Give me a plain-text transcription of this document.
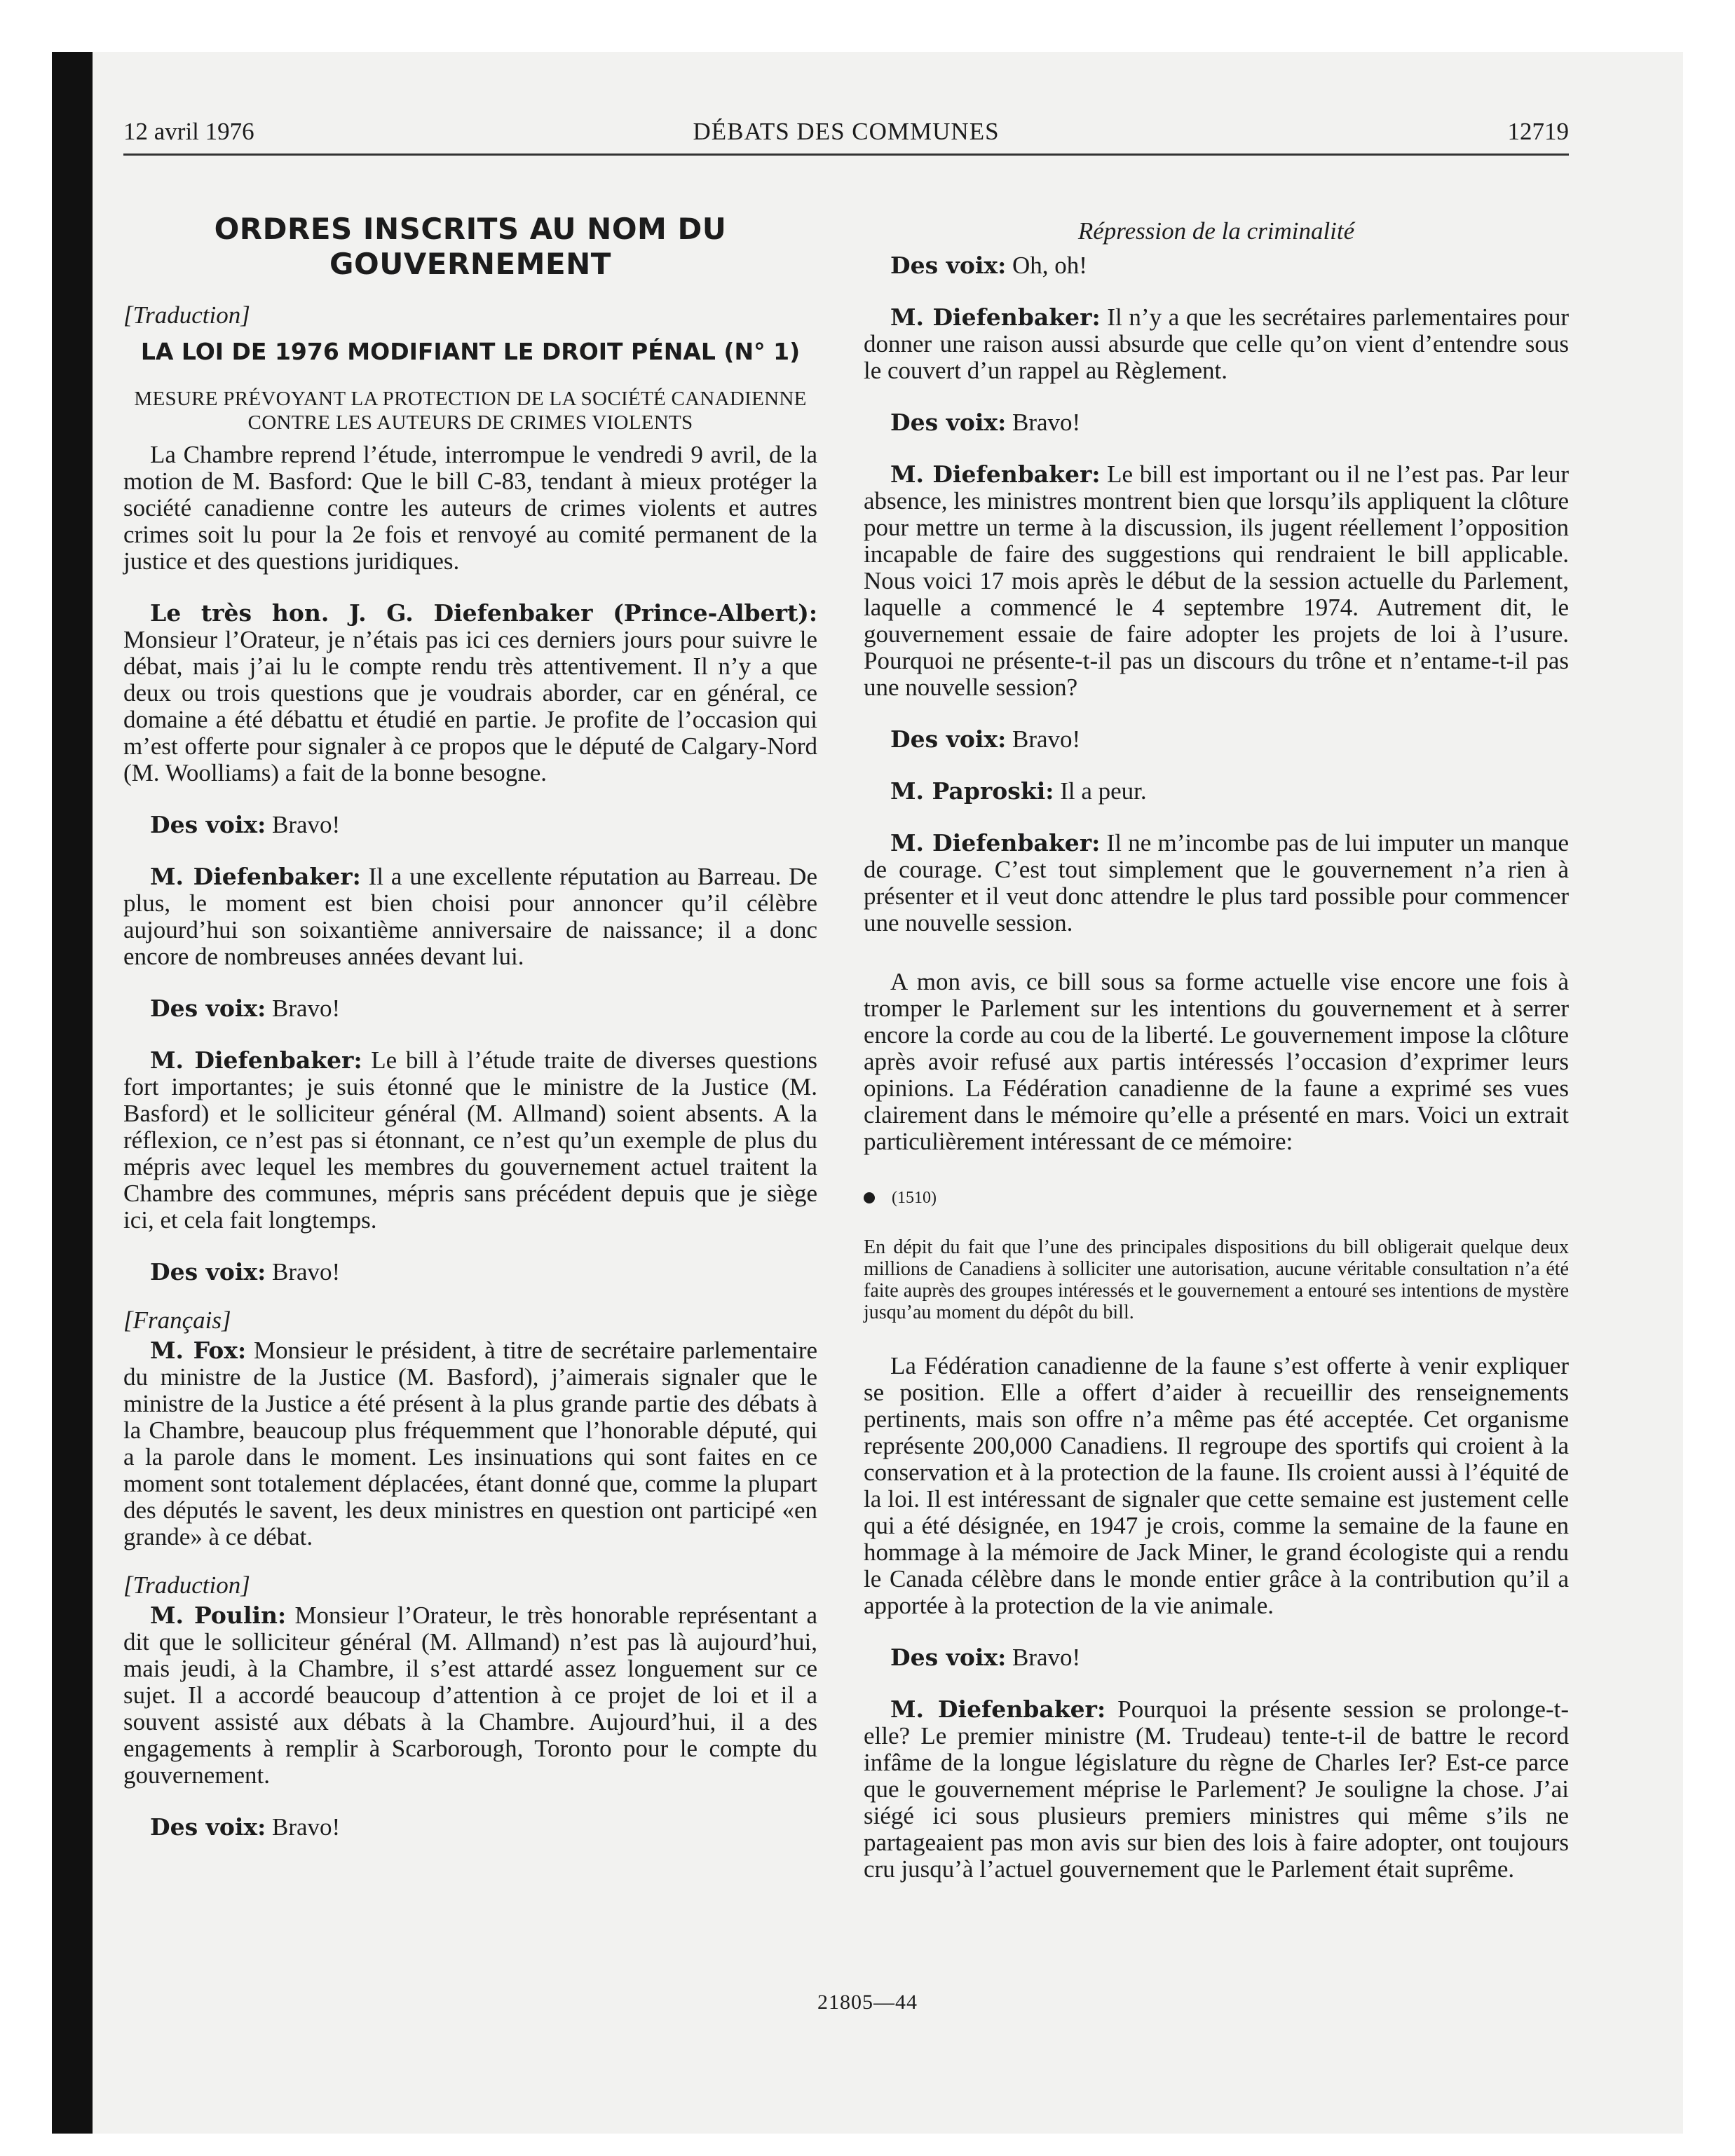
12 avril 1976	DÉBATS DES COMMUNES	12719
ORDRES INSCRITS AU NOM DU GOUVERNEMENT
[Traduction]
LA LOI DE 1976 MODIFIANT LE DROIT PÉNAL (N° 1)
MESURE PRÉVOYANT LA PROTECTION DE LA SOCIÉTÉ CANADIENNE CONTRE LES AUTEURS DE CRIMES VIOLENTS

La Chambre reprend l’étude, interrompue le vendredi 9 avril, de la motion de M. Basford: Que le bill C-83, tendant à mieux protéger la société canadienne contre les auteurs de crimes violents et autres crimes soit lu pour la 2e fois et renvoyé au comité permanent de la justice et des questions juridiques.

Le très hon. J. G. Diefenbaker (Prince-Albert): Monsieur l’Orateur, je n’étais pas ici ces derniers jours pour suivre le débat, mais j’ai lu le compte rendu très attentivement. Il n’y a que deux ou trois questions que je voudrais aborder, car en général, ce domaine a été débattu et étudié en partie. Je profite de l’occasion qui m’est offerte pour signaler à ce propos que le député de Calgary-Nord (M. Woolliams) a fait de la bonne besogne.

Des voix: Bravo!

M. Diefenbaker: Il a une excellente réputation au Barreau. De plus, le moment est bien choisi pour annoncer qu’il célèbre aujourd’hui son soixantième anniversaire de naissance; il a donc encore de nombreuses années devant lui.

Des voix: Bravo!

M. Diefenbaker: Le bill à l’étude traite de diverses questions fort importantes; je suis étonné que le ministre de la Justice (M. Basford) et le solliciteur général (M. Allmand) soient absents. A la réflexion, ce n’est pas si étonnant, ce n’est qu’un exemple de plus du mépris avec lequel les membres du gouvernement actuel traitent la Chambre des communes, mépris sans précédent depuis que je siège ici, et cela fait longtemps.

Des voix: Bravo!

[Français]

M. Fox: Monsieur le président, à titre de secrétaire parlementaire du ministre de la Justice (M. Basford), j’aimerais signaler que le ministre de la Justice a été présent à la plus grande partie des débats à la Chambre, beaucoup plus fréquemment que l’honorable député, qui a la parole dans le moment. Les insinuations qui sont faites en ce moment sont totalement déplacées, étant donné que, comme la plupart des députés le savent, les deux ministres en question ont participé «en grande» à ce débat.

[Traduction]

M. Poulin: Monsieur l’Orateur, le très honorable représentant a dit que le solliciteur général (M. Allmand) n’est pas là aujourd’hui, mais jeudi, à la Chambre, il s’est attardé assez longuement sur ce sujet. Il a accordé beaucoup d’attention à ce projet de loi et il a souvent assisté aux débats à la Chambre. Aujourd’hui, il a des engagements à remplir à Scarborough, Toronto pour le compte du gouvernement.

Des voix: Bravo!

Répression de la criminalité

Des voix: Oh, oh!

M. Diefenbaker: Il n’y a que les secrétaires parlementaires pour donner une raison aussi absurde que celle qu’on vient d’entendre sous le couvert d’un rappel au Règlement.

Des voix: Bravo!

M. Diefenbaker: Le bill est important ou il ne l’est pas. Par leur absence, les ministres montrent bien que lorsqu’ils appliquent la clôture pour mettre un terme à la discussion, ils jugent réellement l’opposition incapable de faire des suggestions qui rendraient le bill applicable. Nous voici 17 mois après le début de la session actuelle du Parlement, laquelle a commencé le 4 septembre 1974. Autrement dit, le gouvernement essaie de faire adopter les projets de loi à l’usure. Pourquoi ne présente-t-il pas un discours du trône et n’entame-t-il pas une nouvelle session?

Des voix: Bravo!

M. Paproski: Il a peur.

M. Diefenbaker: Il ne m’incombe pas de lui imputer un manque de courage. C’est tout simplement que le gouvernement n’a rien à présenter et il veut donc attendre le plus tard possible pour commencer une nouvelle session.

A mon avis, ce bill sous sa forme actuelle vise encore une fois à tromper le Parlement sur les intentions du gouvernement et à serrer encore la corde au cou de la liberté. Le gouvernement impose la clôture après avoir refusé aux partis intéressés l’occasion d’exprimer leurs opinions. La Fédération canadienne de la faune a exprimé ses vues clairement dans le mémoire qu’elle a présenté en mars. Voici un extrait particulièrement intéressant de ce mémoire:

(1510)

En dépit du fait que l’une des principales dispositions du bill obligerait quelque deux millions de Canadiens à solliciter une autorisation, aucune véritable consultation n’a été faite auprès des groupes intéressés et le gouvernement a entouré ses intentions de mystère jusqu’au moment du dépôt du bill.

La Fédération canadienne de la faune s’est offerte à venir expliquer se position. Elle a offert d’aider à recueillir des renseignements pertinents, mais son offre n’a même pas été acceptée. Cet organisme représente 200,000 Canadiens. Il regroupe des sportifs qui croient à la conservation et à la protection de la faune. Ils croient aussi à l’équité de la loi. Il est intéressant de signaler que cette semaine est justement celle qui a été désignée, en 1947 je crois, comme la semaine de la faune en hommage à la mémoire de Jack Miner, le grand écologiste qui a rendu le Canada célèbre dans le monde entier grâce à la contribution qu’il a apportée à la protection de la vie animale.

Des voix: Bravo!

M. Diefenbaker: Pourquoi la présente session se prolonge-t-elle? Le premier ministre (M. Trudeau) tente-t-il de battre le record infâme de la longue législature du règne de Charles Ier? Est-ce parce que le gouvernement méprise le Parlement? Je souligne la chose. J’ai siégé ici sous plusieurs premiers ministres qui même s’ils ne partageaient pas mon avis sur bien des lois à faire adopter, ont toujours cru jusqu’à l’actuel gouvernement que le Parlement était suprême.

21805—44
